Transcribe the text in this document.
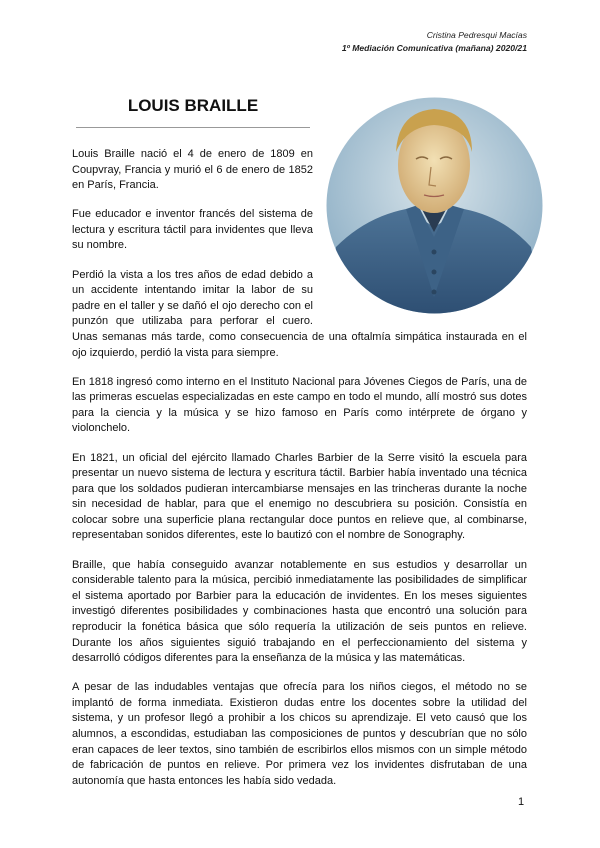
Cristina Pedresqui Macías
1º Mediación Comunicativa (mañana) 2020/21
LOUIS BRAILLE

Louis Braille nació el 4 de enero de 1809 en Coupvray, Francia y murió el 6 de enero de 1852 en París, Francia.

Fue educador e inventor francés del sistema de lectura y escritura táctil para invidentes que lleva su nombre.

Perdió la vista a los tres años de edad debido a un accidente intentando imitar la labor de su padre en el taller y se dañó el ojo derecho con el punzón que utilizaba para perforar el cuero. Unas semanas más tarde, como consecuencia de una oftalmía simpática instaurada en el ojo izquierdo, perdió la vista para siempre.

En 1818 ingresó como interno en el Instituto Nacional para Jóvenes Ciegos de París, una de las primeras escuelas especializadas en este campo en todo el mundo, allí mostró sus dotes para la ciencia y la música y se hizo famoso en París como intérprete de órgano y violonchelo.

En 1821, un oficial del ejército llamado Charles Barbier de la Serre visitó la escuela para presentar un nuevo sistema de lectura y escritura táctil. Barbier había inventado una técnica para que los soldados pudieran intercambiarse mensajes en las trincheras durante la noche sin necesidad de hablar, para que el enemigo no descubriera su posición. Consistía en colocar sobre una superficie plana rectangular doce puntos en relieve que, al combinarse, representaban sonidos diferentes, este lo bautizó con el nombre de Sonography.

Braille, que había conseguido avanzar notablemente en sus estudios y desarrollar un considerable talento para la música, percibió inmediatamente las posibilidades de simplificar el sistema aportado por Barbier para la educación de invidentes. En los meses siguientes investigó diferentes posibilidades y combinaciones hasta que encontró una solución para reproducir la fonética básica que sólo requería la utilización de seis puntos en relieve. Durante los años siguientes siguió trabajando en el perfeccionamiento del sistema y desarrolló códigos diferentes para la enseñanza de la música y las matemáticas.

A pesar de las indudables ventajas que ofrecía para los niños ciegos, el método no se implantó de forma inmediata. Existieron dudas entre los docentes sobre la utilidad del sistema, y un profesor llegó a prohibir a los chicos su aprendizaje. El veto causó que los alumnos, a escondidas, estudiaban las composiciones de puntos y descubrían que no sólo eran capaces de leer textos, sino también de escribirlos ellos mismos con un simple método de fabricación de puntos en relieve. Por primera vez los invidentes disfrutaban de una autonomía que hasta entonces les había sido vedada.

1
